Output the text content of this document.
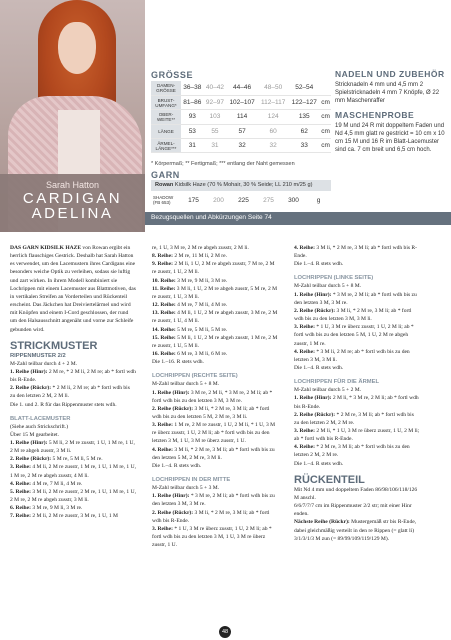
Sarah Hatton
CARDIGAN
ADELINA
GRÖSSE
DAMEN-GRÖSSE	36–38	40–42	44–46	48–50	52–54	
BRUST-UMFANG*	81–86	92–97	102–107	112–117	122–127	cm
OBER-WEITE**	93	103	114	124	135	cm
LÄNGE	53	55	57	60	62	cm
ÄRMEL-LÄNGE***	31	31	32	32	33	cm
* Körpermaß; ** Fertigmaß; *** entlang der Naht gemessen
GARN
Rowan Kidsilk Haze (70 % Mohair, 30 % Seide; LL 210 m/25 g)
SHADOW (FB 653)	175	200	225	275	300	g
NADELN UND ZUBEHÖR
Stricknadeln 4 mm und 4,5 mm 2 Spielstricknadeln 4 mm 7 Knöpfe, Ø 22 mm Maschenraffer
MASCHENPROBE
19 M und 24 R mit doppeltem Faden und Nd 4,5 mm glatt re gestrickt = 10 cm x 10 cm 15 M und 16 R im Blatt-Lacemuster sind ca. 7 cm breit und 6,5 cm hoch.
Bezugsquellen und Abkürzungen Seite 74

DAS GARN KIDSILK HAZE von Rowan ergibt ein herrlich flauschiges Gestrick. Deshalb hat Sarah Hatton es verwendet, um den Lacemustern ihres Cardigans eine besonders weiche Optik zu verleihen, sodass sie luftig und zart wirken. In ihrem Modell kombiniert sie Lochrippen mit einem Lacemuster aus Blattmotiven, das in vertikalen Streifen an Vorderteilen und Rückenteil erscheint. Das Jäckchen hat Dreiviertelärmel und wird mit Knöpfen und einem I-Cord geschlossen, der rund um den Halsausschnitt angenäht und vorne zur Schleife gebunden wird.

STRICKMUSTER
RIPPENMUSTER 2/2

M-Zahl teilbar durch 4 + 2 M.

1. Reihe (Hinr): 2 M re, * 2 M li, 2 M re; ab * fortl wdh bis R-Ende.

2. Reihe (Rückr): * 2 M li, 2 M re; ab * fortl wdh bis zu den letzten 2 M, 2 M li.

Die 1. und 2. R für das Rippenmuster stets wdh.

BLATT-LACEMUSTER

(Siehe auch Strickschrift.)

Über 15 M gearbeitet.

1. Reihe (Hinr): 5 M li, 2 M re zusstr, 1 U, 1 M re, 1 U, 2 M re abgeh zusstr, 3 M li.

2. Reihe (Rückr): 5 M re, 5 M li, 5 M re.

3. Reihe: 4 M li, 2 M re zusstr, 1 M re, 1 U, 1 M re, 1 U, 1 M re, 2 M re abgeh zusstr, 4 M li.

4. Reihe: 4 M re, 7 M li, 4 M re.

5. Reihe: 3 M li, 2 M re zusstr, 2 M re, 1 U, 1 M re, 1 U, 2 M re, 2 M re abgeh zusstr, 3 M li.

6. Reihe: 3 M re, 9 M li, 3 M re.

7. Reihe: 2 M li, 2 M re zusstr, 3 M re, 1 U, 1 M

re, 1 U, 3 M re, 2 M re abgeh zusstr, 2 M li.

8. Reihe: 2 M re, 11 M li, 2 M re.

9. Reihe: 2 M li, 1 U, 2 M re abgeh zusstr, 7 M re, 2 M re zusstr, 1 U, 2 M li.

10. Reihe: 3 M re, 9 M li, 3 M re.

11. Reihe: 3 M li, 1 U, 2 M re abgeh zusstr, 5 M re, 2 M re zusstr, 1 U, 3 M li.

12. Reihe: 4 M re, 7 M li, 4 M re.

13. Reihe: 4 M li, 1 U, 2 M re abgeh zusstr, 3 M re, 2 M re zusstr, 1 U, 4 M li.

14. Reihe: 5 M re, 5 M li, 5 M re.

15. Reihe: 5 M li, 1 U, 2 M re abgeh zusstr, 1 M re, 2 M re zusstr, 1 U, 5 M li.

16. Reihe: 6 M re, 3 M li, 6 M re.

Die 1.–16. R stets wdh.

LOCHRIPPEN (RECHTE SEITE)

M-Zahl teilbar durch 5 + 8 M.

1. Reihe (Hinr): 3 M re, 2 M li, * 3 M re, 2 M li; ab * fortl wdh bis zu den letzten 3 M, 3 M re.

2. Reihe (Rückr): 3 M li, * 2 M re, 3 M li; ab * fortl wdh bis zu den letzten 5 M, 2 M re, 3 M li.

3. Reihe: 1 M re, 2 M re zusstr, 1 U, 2 M li, * 1 U, 3 M re überz zusstr, 1 U, 2 M li; ab * fortl wdh bis zu den letzten 3 M, 1 U, 3 M re überz zusstr, 1 U.

4. Reihe: 3 M li, * 2 M re, 3 M li; ab * fortl wdh bis zu den letzten 5 M, 2 M re, 3 M li.

Die 1.–4. R stets wdh.

LOCHRIPPEN IN DER MITTE

M-Zahl teilbar durch 5 + 3 M.

1. Reihe (Hinr): * 3 M re, 2 M li; ab * fortl wdh bis zu den letzten 3 M, 3 M re.

2. Reihe (Rückr): 3 M li, * 2 M re, 3 M li; ab * fortl wdh bis R-Ende.

3. Reihe: * 1 U, 3 M re überz zusstr, 1 U, 2 M li; ab * fortl wdh bis zu den letzten 3 M, 1 U, 3 M re überz zusstr, 1 U.

4. Reihe: 3 M li, * 2 M re, 3 M li; ab * fortl wdh bis R-Ende.

Die 1.–4. R stets wdh.

LOCHRIPPEN (LINKE SEITE)

M-Zahl teilbar durch 5 + 8 M.

1. Reihe (Hinr): * 3 M re, 2 M li; ab * fortl wdh bis zu den letzten 3 M, 3 M re.

2. Reihe (Rückr): 3 M li, * 2 M re, 3 M li; ab * fortl wdh bis zu den letzten 3 M, 3 M li.

3. Reihe: * 1 U, 3 M re überz zusstr, 1 U, 2 M li; ab * fortl wdh bis zu den letzten 5 M, 1 U, 2 M re abgeh zusstr, 1 M re.

4. Reihe: * 3 M li, 2 M re; ab * fortl wdh bis zu den letzten 3 M, 3 M li.

Die 1.–4. R stets wdh.

LOCHRIPPEN FÜR DIE ÄRMEL

M-Zahl teilbar durch 5 + 2 M.

1. Reihe (Hinr): 2 M li, * 3 M re, 2 M li; ab * fortl wdh bis R-Ende.

2. Reihe (Rückr): * 2 M re, 3 M li; ab * fortl wdh bis zu den letzten 2 M, 2 M re.

3. Reihe: 2 M li, * 1 U, 3 M re überz zusstr, 1 U, 2 M li; ab * fortl wdh bis R-Ende.

4. Reihe: * 2 M re, 3 M li; ab * fortl wdh bis zu den letzten 2 M, 2 M re.

Die 1.–4. R stets wdh.

RÜCKENTEIL

Mit Nd 4 mm und doppeltem Faden 86/98/106/118/126 M anschl.

6/6/7/7/7 cm im Rippenmuster 2/2 str; mit einer Hinr enden.

Nächste Reihe (Rückr): Mustergemäß str bis R-Ende, dabei gleichmäßig verteilt in den re Rippen (= glatt li) 3/1/3/1/3 M zun (= 89/99/109/119/129 M).

48
